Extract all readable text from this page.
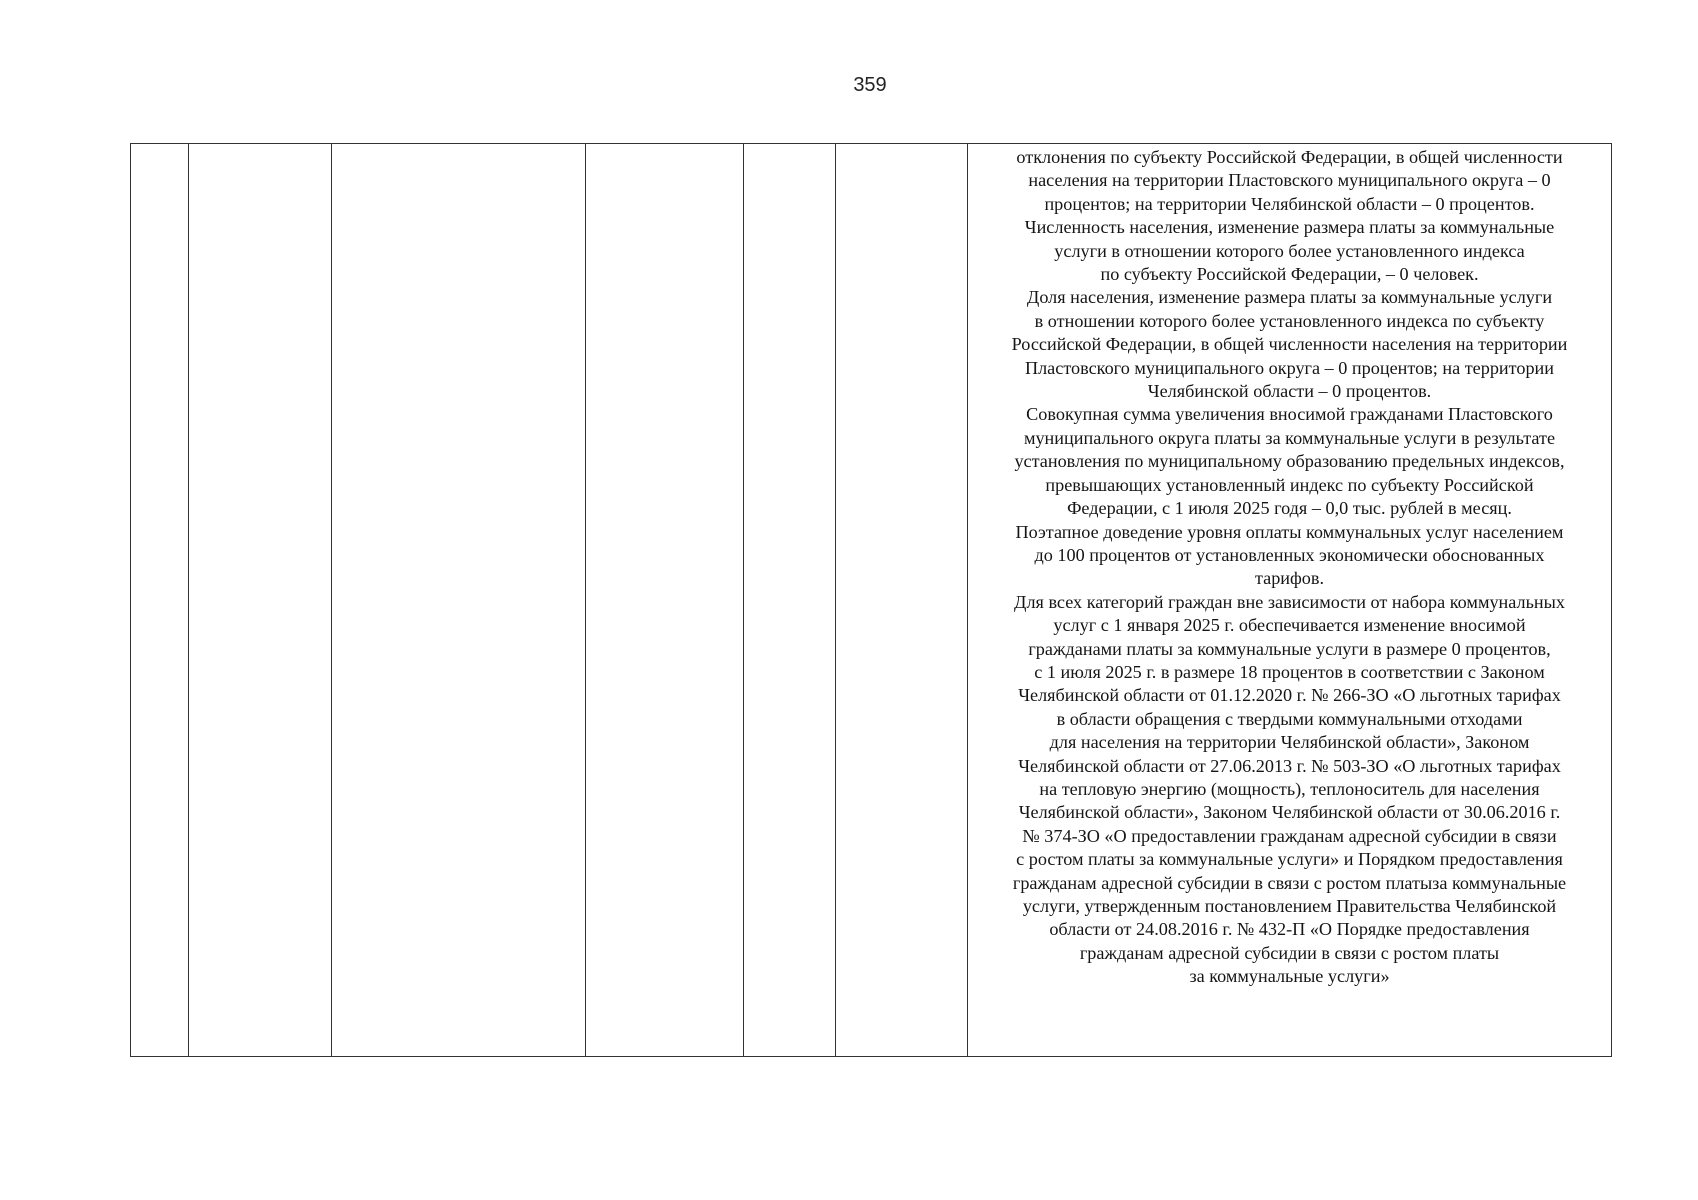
359

отклонения по субъекту Российской Федерации, в общей численности

населения на территории Пластовского муниципального округа – 0

процентов; на территории Челябинской области – 0 процентов.

Численность населения, изменение размера платы за коммунальные

услуги в отношении которого более установленного индекса

по субъекту Российской Федерации, – 0 человек.

Доля населения, изменение размера платы за коммунальные услуги

в отношении которого более установленного индекса по субъекту

Российской Федерации, в общей численности населения на территории

Пластовского муниципального округа – 0 процентов; на территории

Челябинской области – 0 процентов.

Совокупная сумма увеличения вносимой гражданами Пластовского

муниципального округа платы за коммунальные услуги в результате

установления по муниципальному образованию предельных индексов,

превышающих установленный индекс по субъекту Российской

Федерации, с 1 июля 2025 годя – 0,0 тыс. рублей в месяц.

Поэтапное доведение уровня оплаты коммунальных услуг населением

до 100 процентов от установленных экономически обоснованных

тарифов.

Для всех категорий граждан вне зависимости от набора коммунальных

услуг с 1 января 2025 г. обеспечивается изменение вносимой

гражданами платы за коммунальные услуги в размере 0 процентов,

с 1 июля 2025 г. в размере 18 процентов в соответствии с Законом

Челябинской области от 01.12.2020 г. № 266-ЗО «О льготных тарифах

в области обращения с твердыми коммунальными отходами

для населения на территории Челябинской области», Законом

Челябинской области от 27.06.2013 г. № 503-ЗО «О льготных тарифах

на тепловую энергию (мощность), теплоноситель для населения

Челябинской области», Законом Челябинской области от 30.06.2016 г.

№ 374-ЗО «О предоставлении гражданам адресной субсидии в связи

с ростом платы за коммунальные услуги» и Порядком предоставления

гражданам адресной субсидии в связи с ростом платыза коммунальные

услуги, утвержденным постановлением Правительства Челябинской

области от 24.08.2016 г. № 432-П «О Порядке предоставления

гражданам адресной субсидии в связи с ростом платы

за коммунальные услуги»
